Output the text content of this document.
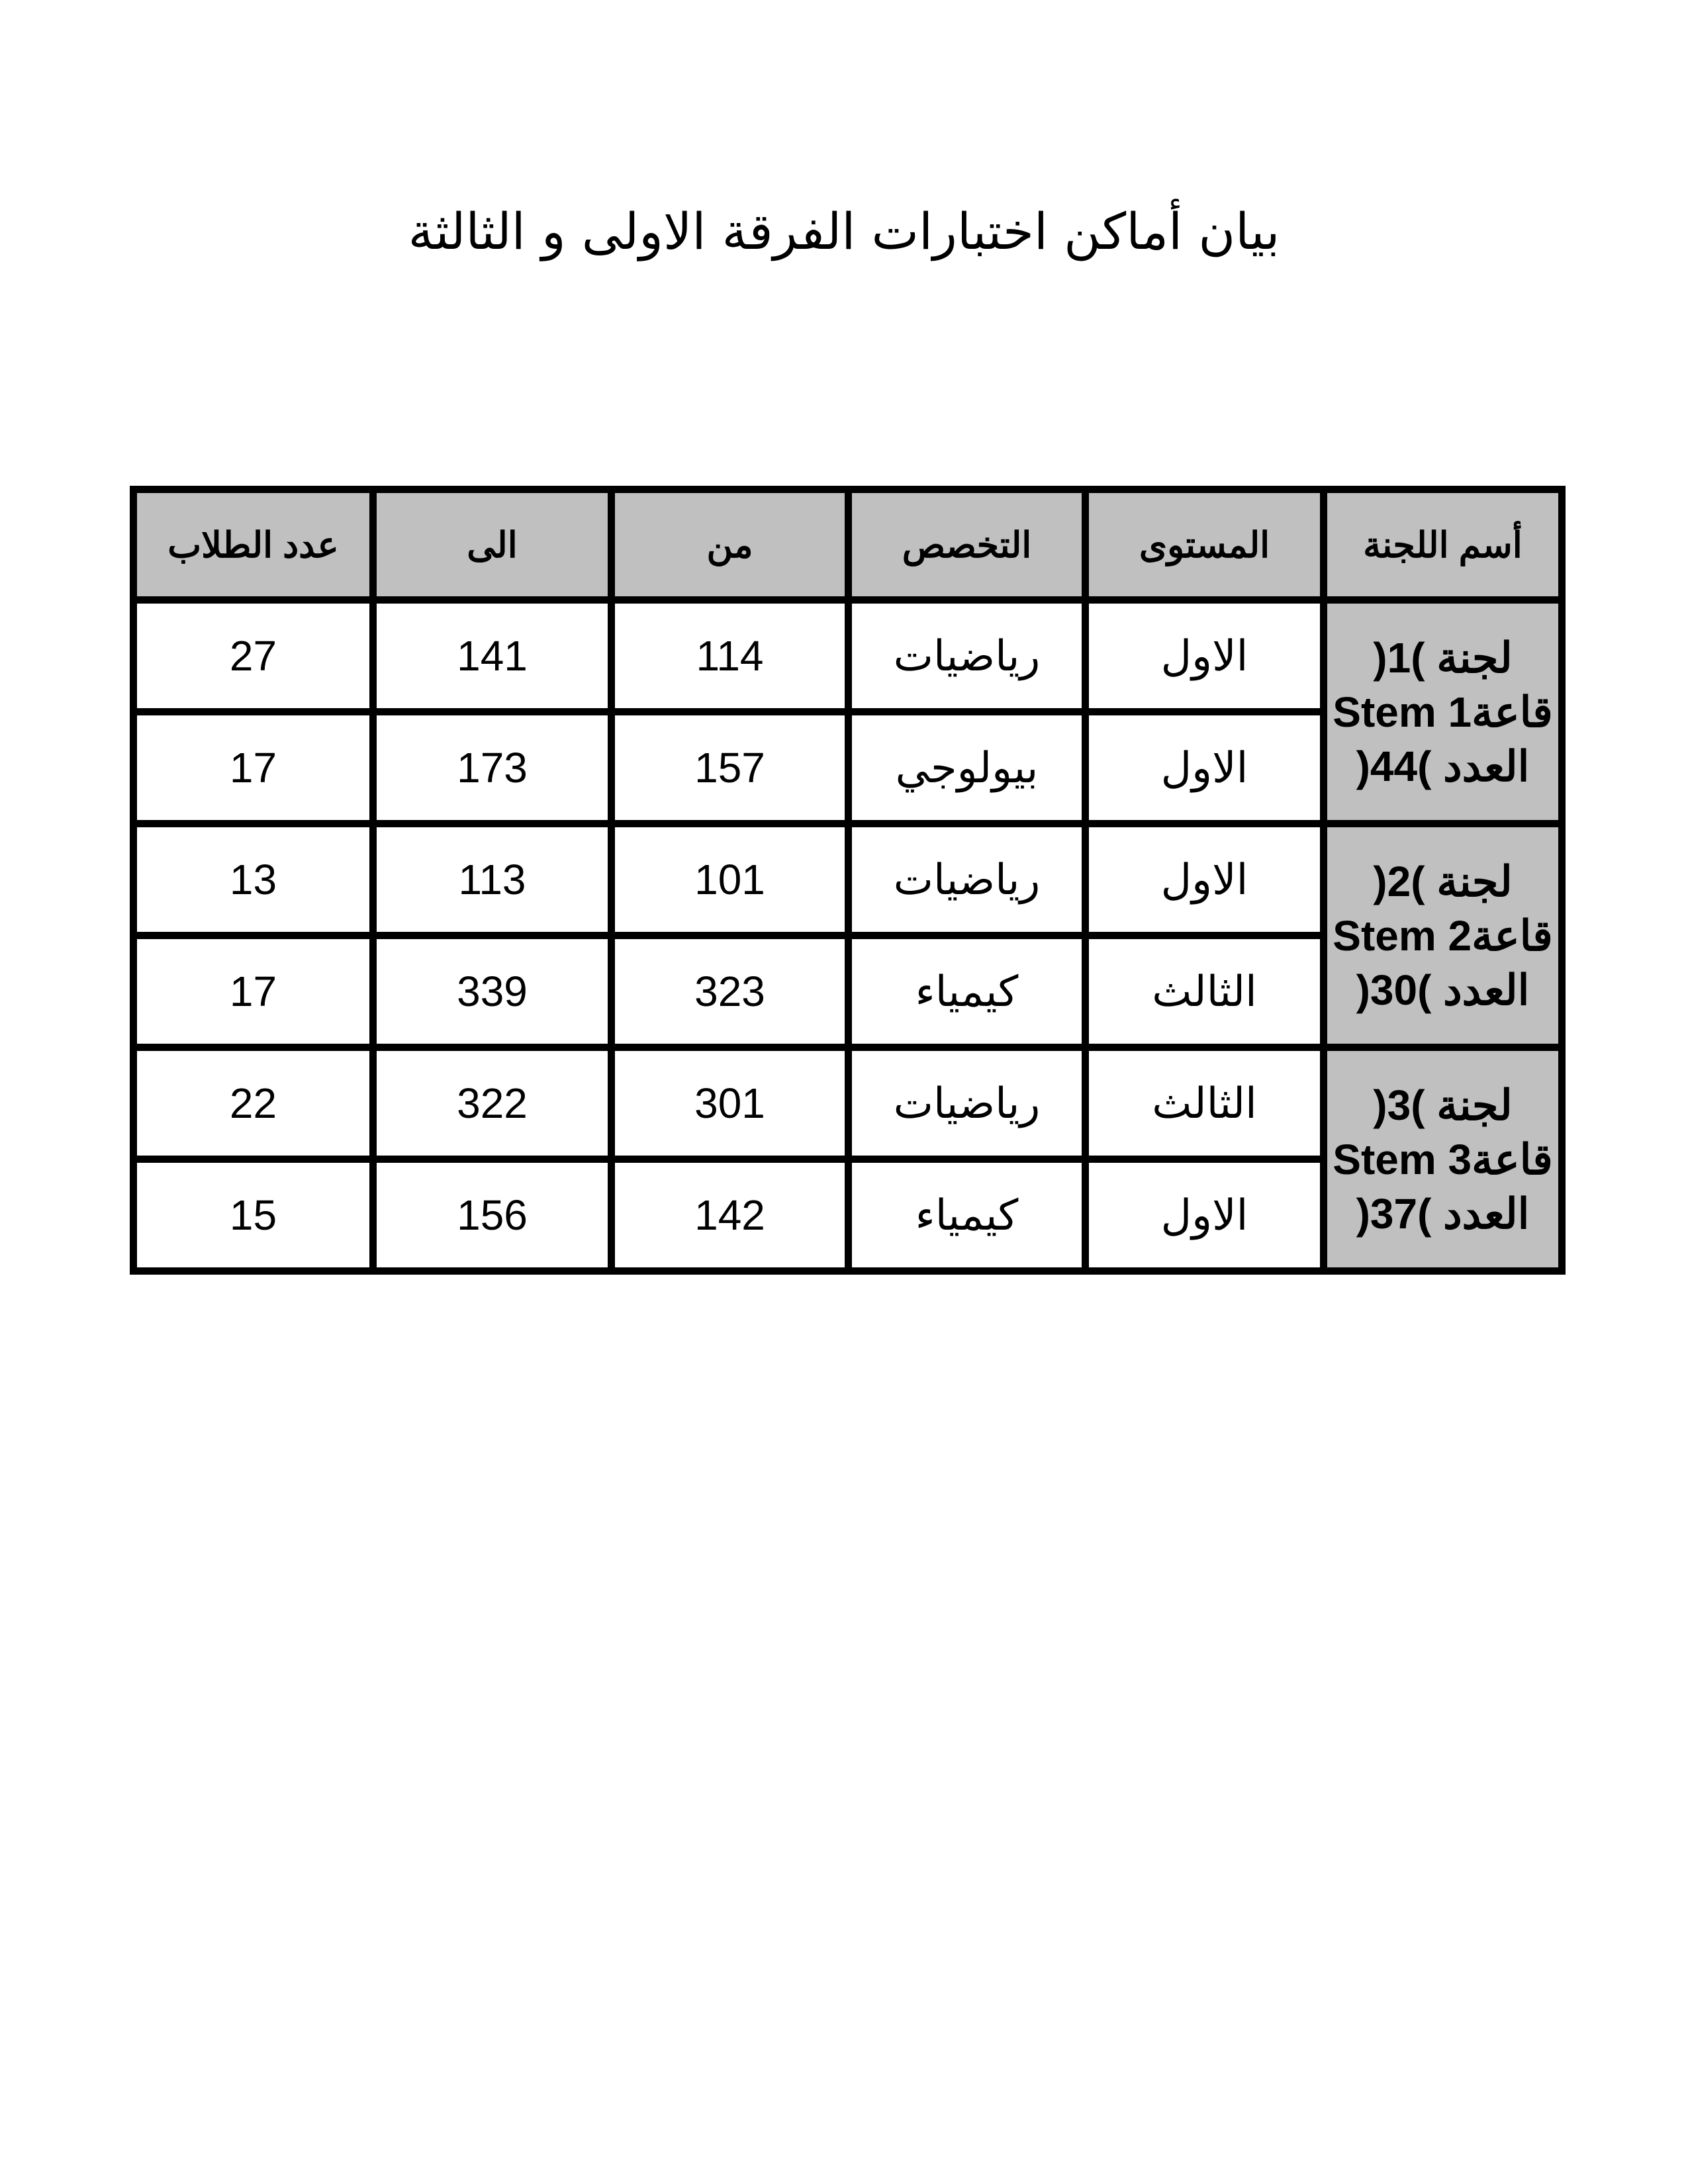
بيان أماكن اختبارات الفرقة الاولى و الثالثة
أسم اللجنة	المستوى	التخصص	من	الى	عدد الطلاب

لجنة )1(
قاعةStem 1
العدد )44(	الاول	رياضيات	114	141	27
	الاول	بيولوجي	157	173	17

لجنة )2(
قاعةStem 2
العدد )30(	الاول	رياضيات	101	113	13
	الثالث	كيمياء	323	339	17

لجنة )3(
قاعةStem 3
العدد )37(	الثالث	رياضيات	301	322	22
	الاول	كيمياء	142	156	15
